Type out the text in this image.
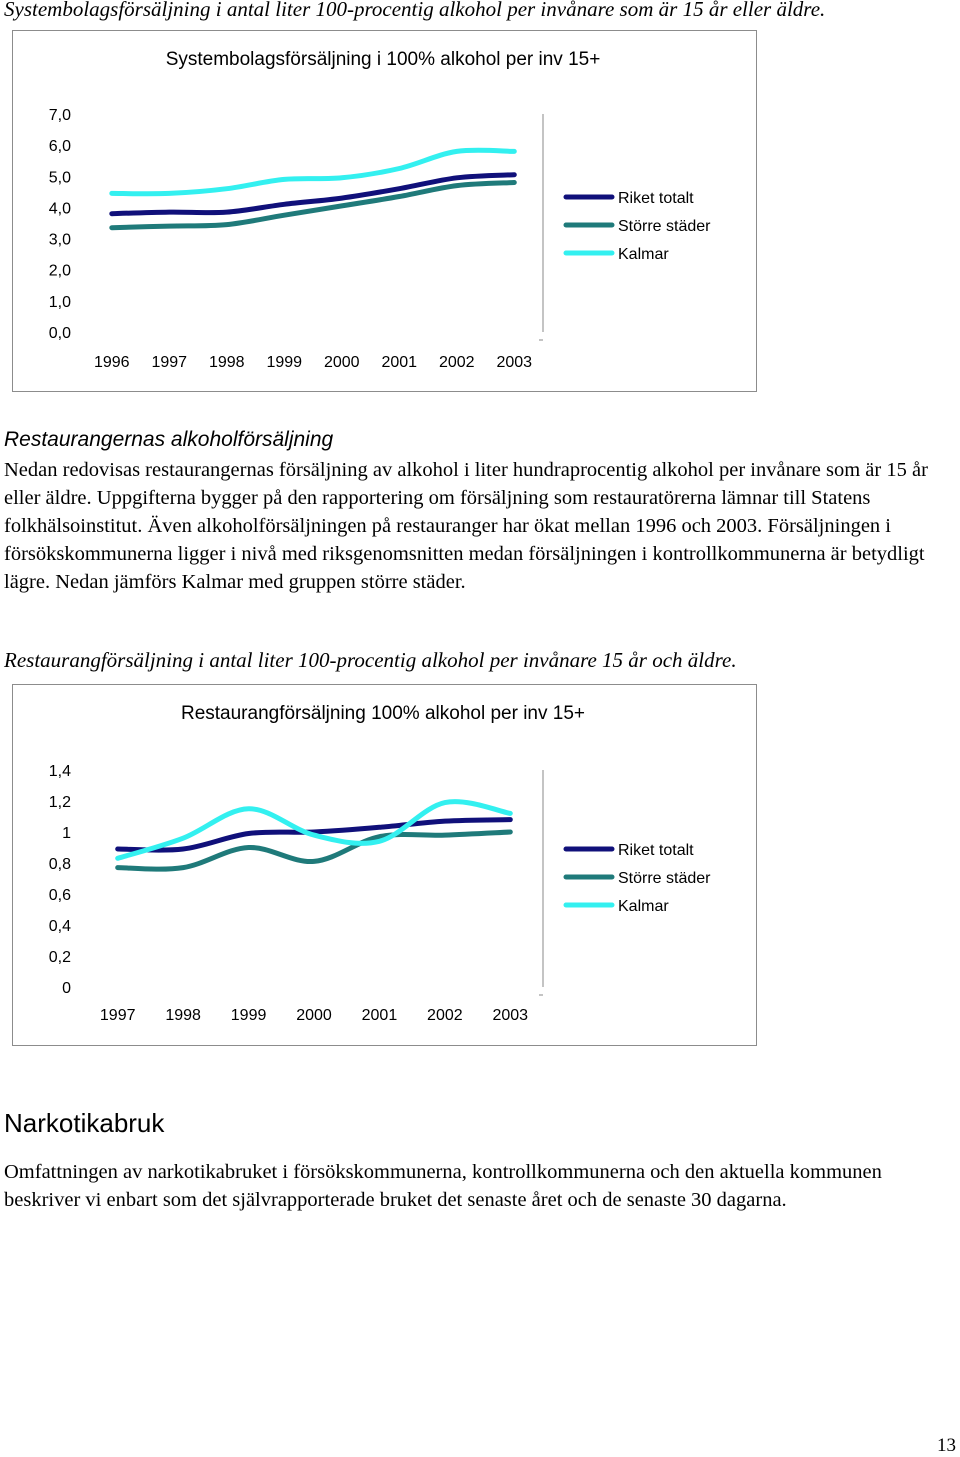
Systembolagsförsäljning i antal liter 100-procentig alkohol per invånare som är 15 år eller äldre.
Systembolagsförsäljning i 100% alkohol per inv 15+
0,0
1,0
2,0
3,0
4,0
5,0
6,0
7,0
1996 1997 1998 1999 2000 2001 2002 2003
Riket totalt
Större städer
Kalmar
Restaurangernas alkoholförsäljning
Nedan redovisas restaurangernas försäljning av alkohol i liter hundraprocentig alkohol per invånare som är 15 år eller äldre. Uppgifterna bygger på den rapportering om försäljning som restauratörerna lämnar till Statens folkhälsoinstitut. Även alkoholförsäljningen på restauranger har ökat mellan 1996 och 2003. Försäljningen i försökskommunerna ligger i nivå med riksgenomsnitten medan försäljningen i kontrollkommunerna är betydligt lägre. Nedan jämförs Kalmar med gruppen större städer.
Restaurangförsäljning i antal liter 100-procentig alkohol per invånare 15 år och äldre.
Restaurangförsäljning 100% alkohol per inv 15+
0
0,2
0,4
0,6
0,8
1
1,2
1,4
1997 1998 1999 2000 2001 2002 2003
Riket totalt
Större städer
Kalmar
Narkotikabruk
Omfattningen av narkotikabruket i försökskommunerna, kontrollkommunerna och den aktuella kommunen beskriver vi enbart som det självrapporterade bruket det senaste året och de senaste 30 dagarna.
13
